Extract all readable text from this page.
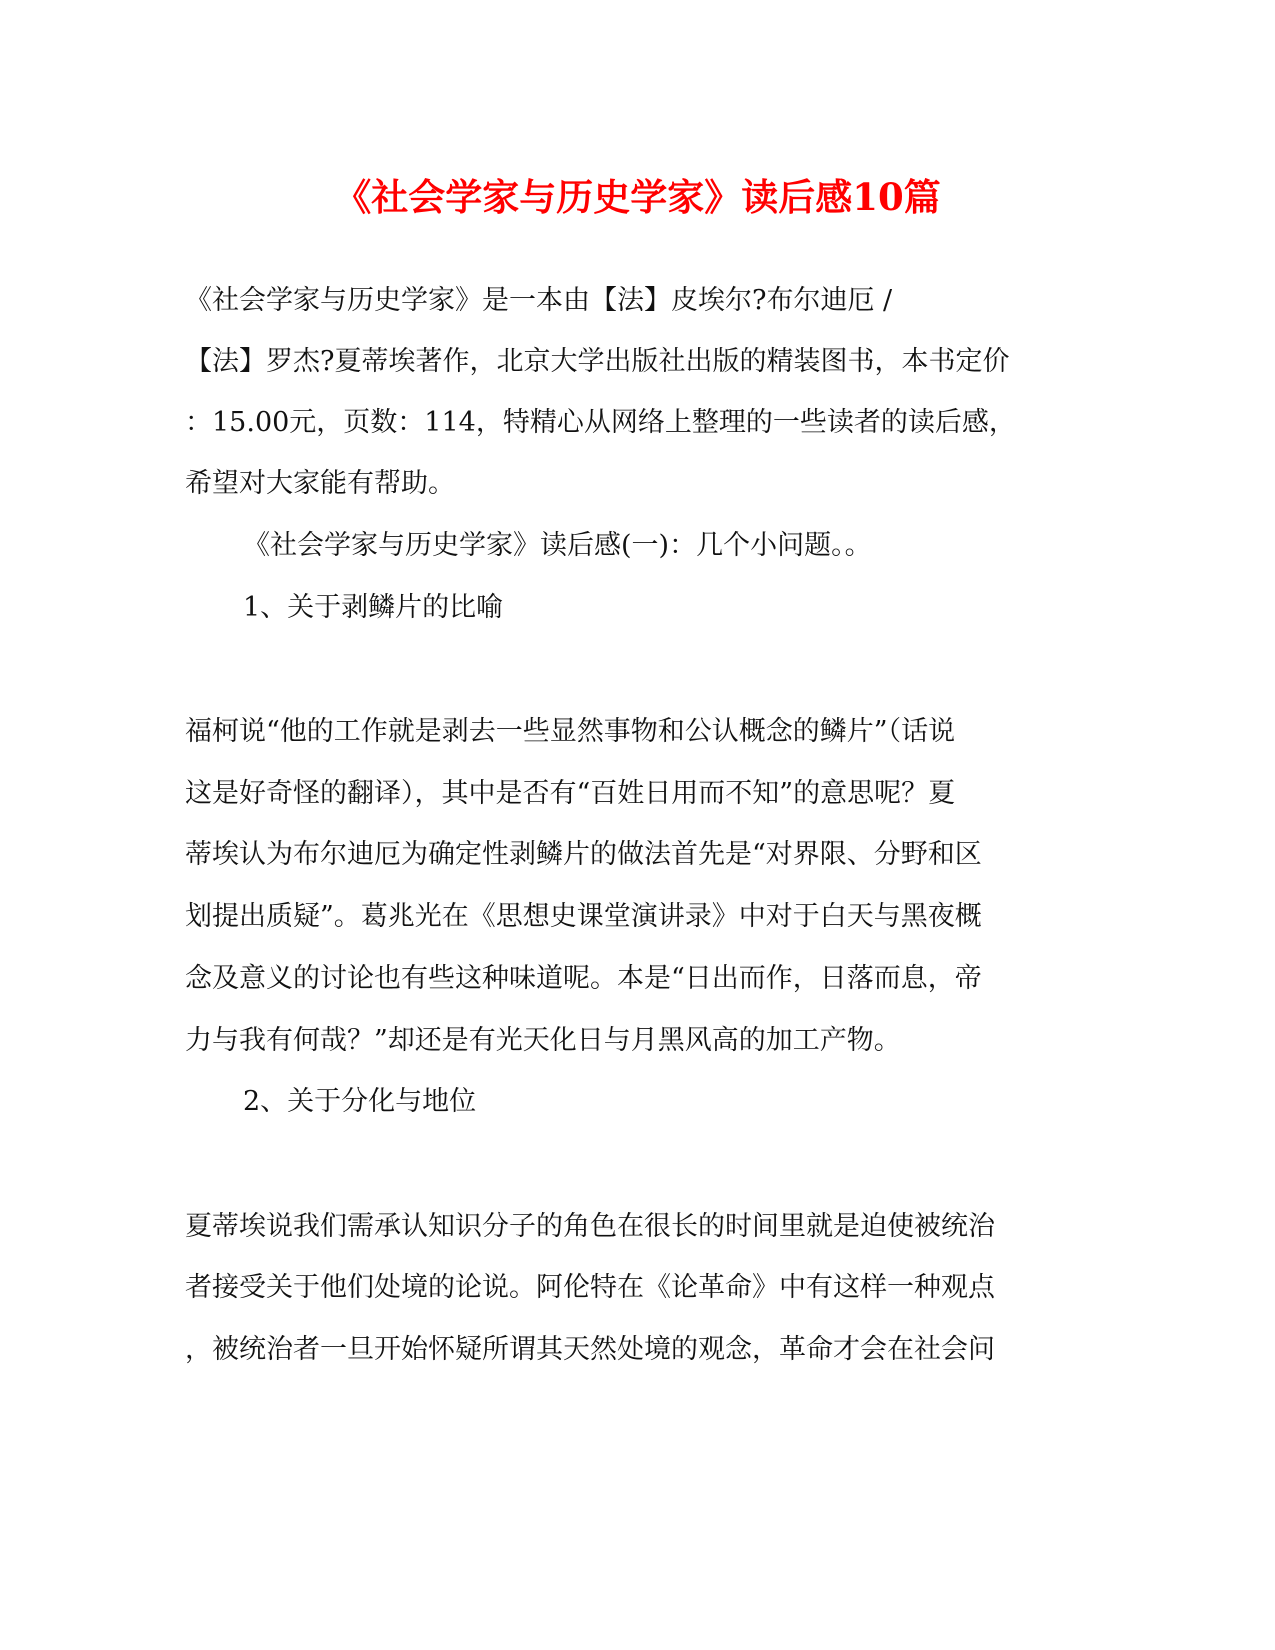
《社会学家与历史学家》读后感10篇
《社会学家与历史学家》是一本由【法】皮埃尔?布尔迪厄 /
【法】罗杰?夏蒂埃著作，北京大学出版社出版的精装图书，本书定价
：15.00元，页数：114，特精心从网络上整理的一些读者的读后感，
希望对大家能有帮助。
《社会学家与历史学家》读后感(一)：几个小问题。。
1、关于剥鳞片的比喻
福柯说“他的工作就是剥去一些显然事物和公认概念的鳞片”（话说
这是好奇怪的翻译），其中是否有“百姓日用而不知”的意思呢？夏
蒂埃认为布尔迪厄为确定性剥鳞片的做法首先是“对界限、分野和区
划提出质疑”。葛兆光在《思想史课堂演讲录》中对于白天与黑夜概
念及意义的讨论也有些这种味道呢。本是“日出而作，日落而息，帝
力与我有何哉？”却还是有光天化日与月黑风高的加工产物。
2、关于分化与地位
夏蒂埃说我们需承认知识分子的角色在很长的时间里就是迫使被统治
者接受关于他们处境的论说。阿伦特在《论革命》中有这样一种观点
，被统治者一旦开始怀疑所谓其天然处境的观念，革命才会在社会问
